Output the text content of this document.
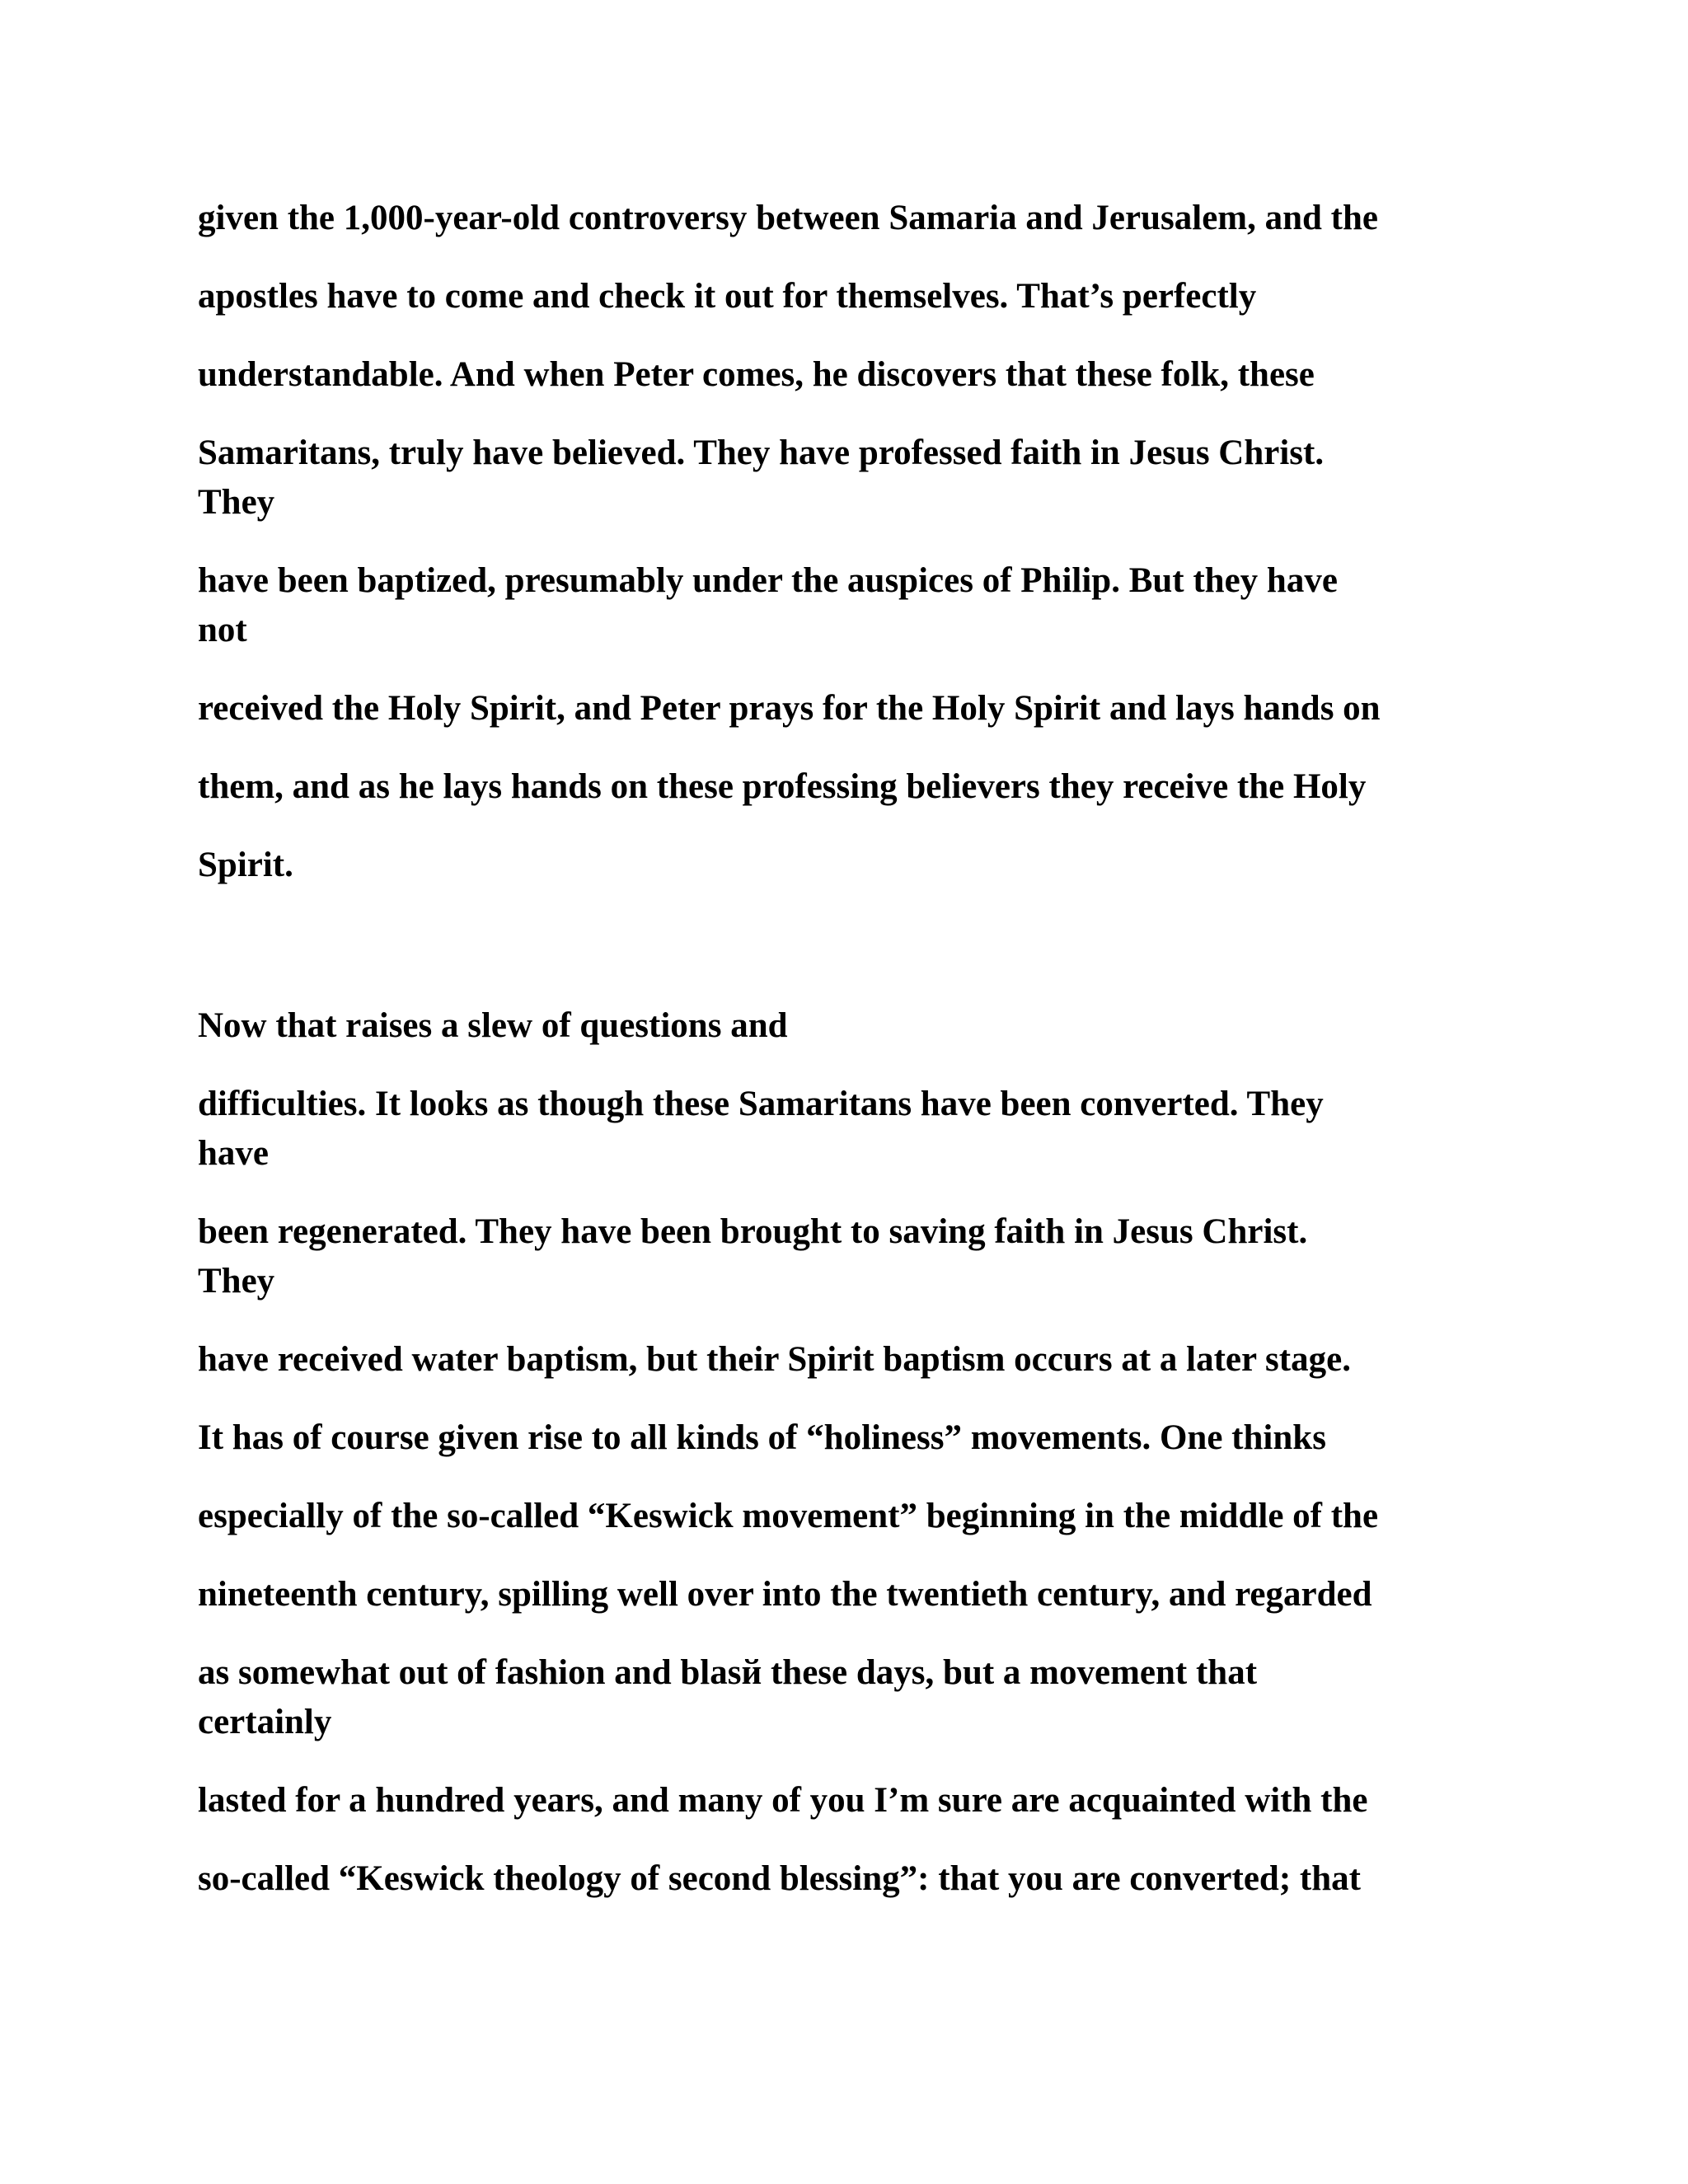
given the 1,000-year-old controversy between Samaria and Jerusalem, and the
apostles have to come and check it out for themselves. That’s perfectly
understandable. And when Peter comes, he discovers that these folk, these
Samaritans, truly have believed. They have professed faith in Jesus Christ.
They
have been baptized, presumably under the auspices of Philip. But they have
not
received the Holy Spirit, and Peter prays for the Holy Spirit and lays hands on
them, and as he lays hands on these professing believers they receive the Holy
Spirit.
Now that raises a slew of questions and
difficulties. It looks as though these Samaritans have been converted. They
have
been regenerated. They have been brought to saving faith in Jesus Christ.
They
have received water baptism, but their Spirit baptism occurs at a later stage.
It has of course given rise to all kinds of “holiness” movements. One thinks
especially of the so-called “Keswick movement” beginning in the middle of the
nineteenth century, spilling well over into the twentieth century, and regarded
as somewhat out of fashion and blasй these days, but a movement that
certainly
lasted for a hundred years, and many of you I’m sure are acquainted with the
so-called “Keswick theology of second blessing”: that you are converted; that
